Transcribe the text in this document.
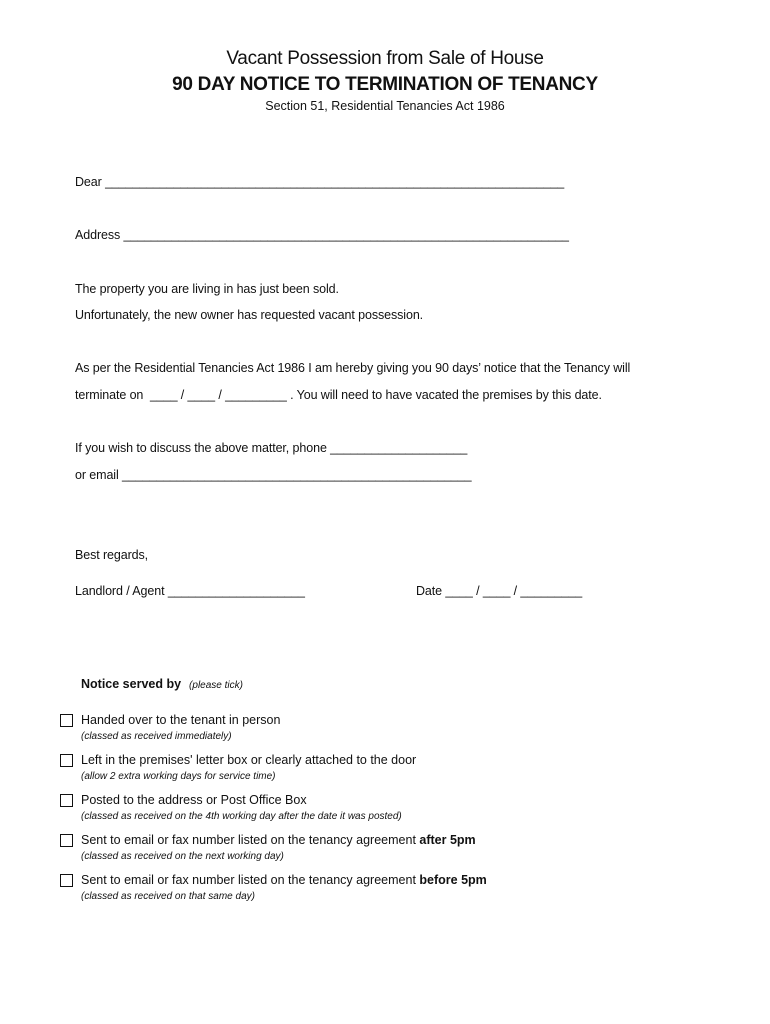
Vacant Possession from Sale of House
90 DAY NOTICE TO TERMINATION OF TENANCY
Section 51, Residential Tenancies Act 1986
Dear ___________________________________________________________________
Address _________________________________________________________________
The property you are living in has just been sold.
Unfortunately, the new owner has requested vacant possession.
As per the Residential Tenancies Act 1986 I am hereby giving you 90 days’ notice that the Tenancy will
terminate on  ____ / ____ / _________ . You will need to have vacated the premises by this date.
If you wish to discuss the above matter, phone ____________________
or email ___________________________________________________
Best regards,
Landlord / Agent ____________________	Date ____ / ____ / _________
Notice served by (please tick)
Handed over to the tenant in person
(classed as received immediately)
Left in the premises' letter box or clearly attached to the door
(allow 2 extra working days for service time)
Posted to the address or Post Office Box
(classed as received on the 4th working day after the date it was posted)
Sent to email or fax number listed on the tenancy agreement after 5pm
(classed as received on the next working day)
Sent to email or fax number listed on the tenancy agreement before 5pm
(classed as received on that same day)
